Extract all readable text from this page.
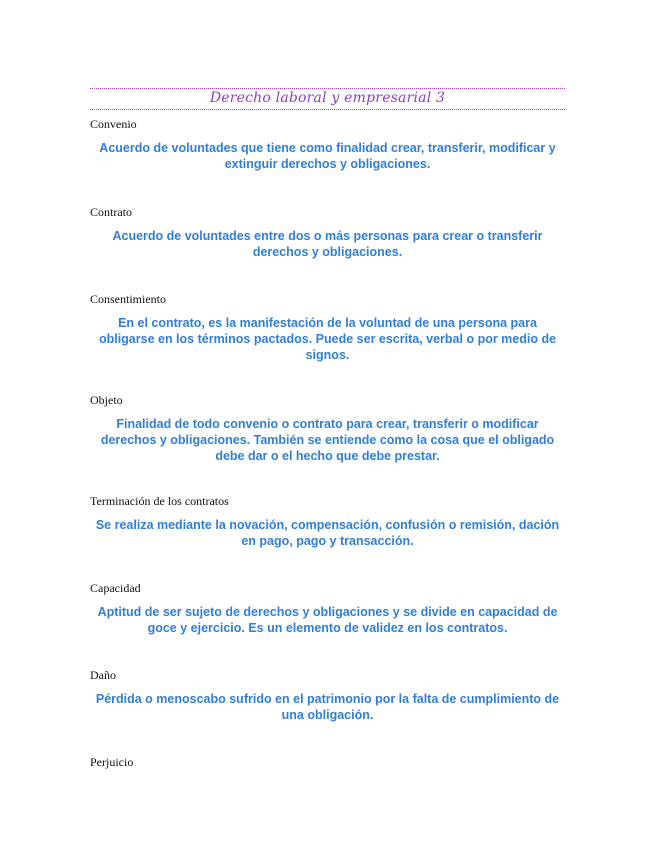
Derecho laboral y empresarial 3
Convenio
Acuerdo de voluntades que tiene como finalidad crear, transferir, modificar y extinguir derechos y obligaciones.
Contrato
Acuerdo de voluntades entre dos o más personas para crear o transferir derechos y obligaciones.
Consentimiento
En el contrato, es la manifestación de la voluntad de una persona para obligarse en los términos pactados. Puede ser escrita, verbal o por medio de signos.
Objeto
Finalidad de todo convenio o contrato para crear, transferir o modificar derechos y obligaciones. También se entiende como la cosa que el obligado debe dar o el hecho que debe prestar.
Terminación de los contratos
Se realiza mediante la novación, compensación, confusión o remisión, dación en pago, pago y transacción.
Capacidad
Aptitud de ser sujeto de derechos y obligaciones y se divide en capacidad de goce y ejercicio. Es un elemento de validez en los contratos.
Daño
Pérdida o menoscabo sufrido en el patrimonio por la falta de cumplimiento de una obligación.
Perjuicio
